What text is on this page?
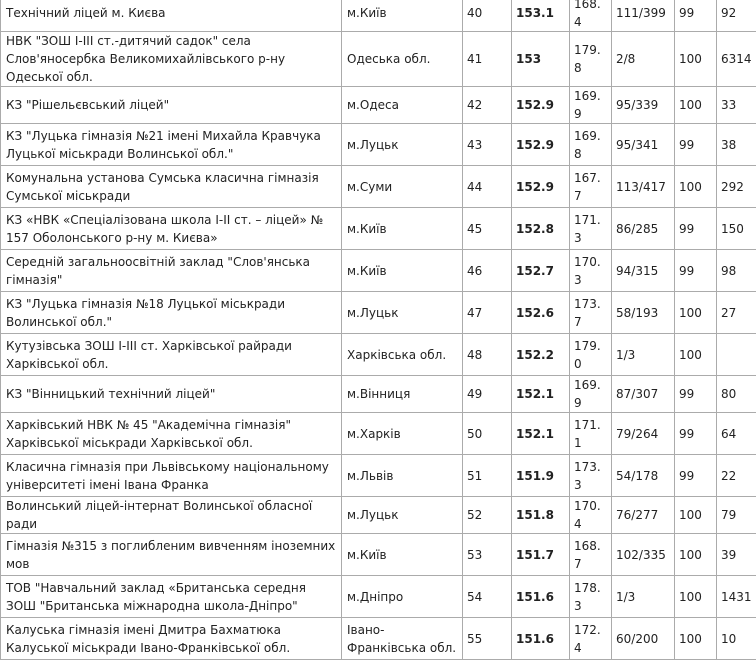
Технічний ліцей м. Києва	м.Київ	40	153.1	168.4	111/399	99	92
НВК "ЗОШ І-ІІІ ст.-дитячий садок" села Слов'яносербка Великомихайлівського р-ну Одеської обл.	Одеська обл.	41	153	179.8	2/8	100	6314
КЗ "Рішельєвський ліцей"	м.Одеса	42	152.9	169.9	95/339	100	33
КЗ "Луцька гімназія №21 імені Михайла Кравчука Луцької міськради Волинської обл."	м.Луцьк	43	152.9	169.8	95/341	99	38
Комунальна установа Сумська класична гімназія Сумської міськради	м.Суми	44	152.9	167.7	113/417	100	292
КЗ «НВК «Спеціалізована школа І-ІІ ст. – ліцей» № 157 Оболонського р-ну м. Києва»	м.Київ	45	152.8	171.3	86/285	99	150
Середній загальноосвітній заклад "Слов'янська гімназія"	м.Київ	46	152.7	170.3	94/315	99	98
КЗ "Луцька гімназія №18 Луцької міськради Волинської обл."	м.Луцьк	47	152.6	173.7	58/193	100	27
Кутузівська ЗОШ І-ІІІ ст. Харківської райради Харківської обл.	Харківська обл.	48	152.2	179.0	1/3	100	
КЗ "Вінницький технічний ліцей"	м.Вінниця	49	152.1	169.9	87/307	99	80
Харківський НВК № 45 "Академічна гімназія" Харківської міськради Харківської обл.	м.Харків	50	152.1	171.1	79/264	99	64
Класична гімназія при Львівському національному університеті імені Івана Франка	м.Львів	51	151.9	173.3	54/178	99	22
Волинський ліцей-інтернат Волинської обласної ради	м.Луцьк	52	151.8	170.4	76/277	100	79
Гімназія №315 з поглибленим вивченням іноземних мов	м.Київ	53	151.7	168.7	102/335	100	39
ТОВ "Навчальний заклад «Британська середня ЗОШ "Британська міжнародна школа-Дніпро"	м.Дніпро	54	151.6	178.3	1/3	100	1431
Калуська гімназія імені Дмитра Бахматюка Калуської міськради Івано-Франківської обл.	Івано-Франківська обл.	55	151.6	172.4	60/200	100	10
